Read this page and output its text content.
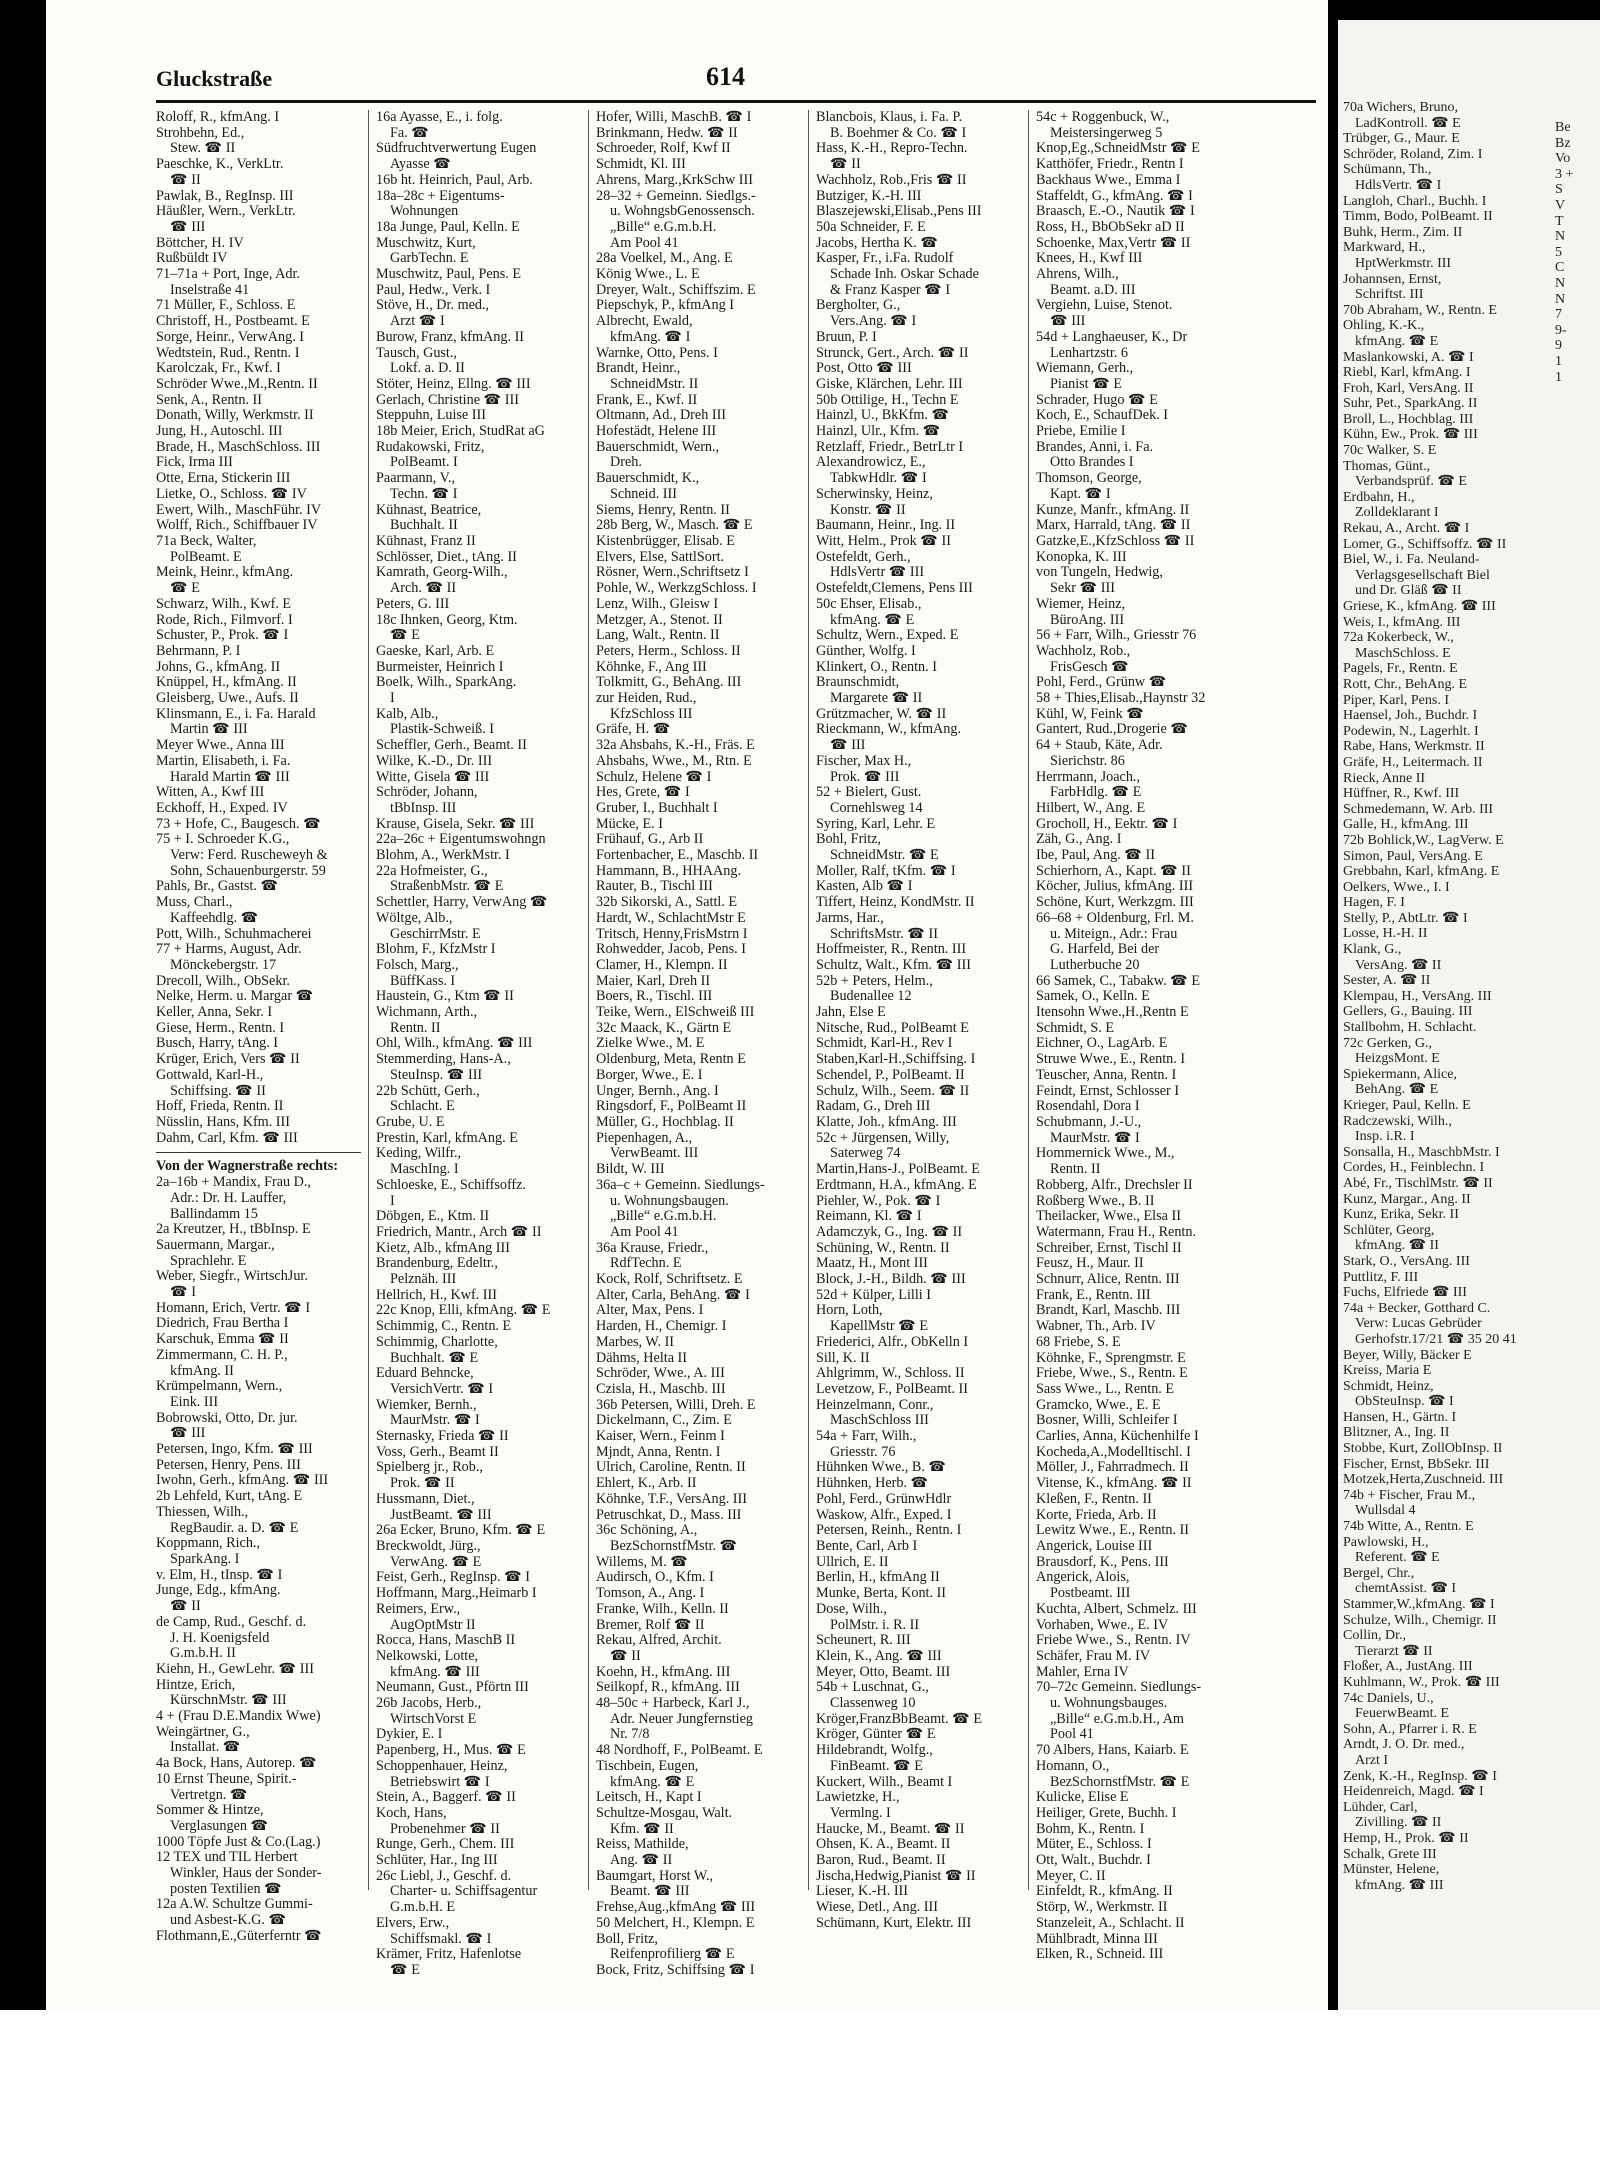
Gluckstraße	614
Roloff, R., kfmAng. I
Strohbehn, Ed.,
Stew. ☎ II
Paeschke, K., VerkLtr.
☎ II
Pawlak, B., RegInsp. III
Häußler, Wern., VerkLtr.
☎ III
Böttcher, H. IV
Rußbüldt IV
71–71a + Port, Inge, Adr.
Inselstraße 41
71 Müller, F., Schloss. E
Christoff, H., Postbeamt. E
Sorge, Heinr., VerwAng. I
Wedtstein, Rud., Rentn. I
Karolczak, Fr., Kwf. I
Schröder Wwe.,M.,Rentn. II
Senk, A., Rentn. II
Donath, Willy, Werkmstr. II
Jung, H., Autoschl. III
Brade, H., MaschSchloss. III
Fick, Irma III
Otte, Erna, Stickerin III
Lietke, O., Schloss. ☎ IV
Ewert, Wilh., MaschFühr. IV
Wolff, Rich., Schiffbauer IV
71a Beck, Walter,
PolBeamt. E
Meink, Heinr., kfmAng.
☎ E
Schwarz, Wilh., Kwf. E
Rode, Rich., Filmvorf. I
Schuster, P., Prok. ☎ I
Behrmann, P. I
Johns, G., kfmAng. II
Knüppel, H., kfmAng. II
Gleisberg, Uwe., Aufs. II
Klinsmann, E., i. Fa. Harald
Martin ☎ III
Meyer Wwe., Anna III
Martin, Elisabeth, i. Fa.
Harald Martin ☎ III
Witten, A., Kwf III
Eckhoff, H., Exped. IV
73 + Hofe, C., Baugesch. ☎
75 + I. Schroeder K.G.,
Verw: Ferd. Ruscheweyh &
Sohn, Schauenburgerstr. 59
Pahls, Br., Gastst. ☎
Muss, Charl.,
Kaffeehdlg. ☎
Pott, Wilh., Schuhmacherei
77 + Harms, August, Adr.
Mönckebergstr. 17
Drecoll, Wilh., ObSekr.
Nelke, Herm. u. Margar ☎
Keller, Anna, Sekr. I
Giese, Herm., Rentn. I
Busch, Harry, tAng. I
Krüger, Erich, Vers ☎ II
Gottwald, Karl-H.,
Schiffsing. ☎ II
Hoff, Frieda, Rentn. II
Nüsslin, Hans, Kfm. III
Dahm, Carl, Kfm. ☎ III
Von der Wagnerstraße rechts:
2a–16b + Mandix, Frau D.,
Adr.: Dr. H. Lauffer,
Ballindamm 15
2a Kreutzer, H., tBbInsp. E
Sauermann, Margar.,
Sprachlehr. E
Weber, Siegfr., WirtschJur.
☎ I
Homann, Erich, Vertr. ☎ I
Diedrich, Frau Bertha I
Karschuk, Emma ☎ II
Zimmermann, C. H. P.,
kfmAng. II
Krümpelmann, Wern.,
Eink. III
Bobrowski, Otto, Dr. jur.
☎ III
Petersen, Ingo, Kfm. ☎ III
Petersen, Henry, Pens. III
Iwohn, Gerh., kfmAng. ☎ III
2b Lehfeld, Kurt, tAng. E
Thiessen, Wilh.,
RegBaudir. a. D. ☎ E
Koppmann, Rich.,
SparkAng. I
v. Elm, H., tInsp. ☎ I
Junge, Edg., kfmAng.
☎ II
de Camp, Rud., Geschf. d.
J. H. Koenigsfeld
G.m.b.H. II
Kiehn, H., GewLehr. ☎ III
Hintze, Erich,
KürschnMstr. ☎ III
4 + (Frau D.E.Mandix Wwe)
Weingärtner, G.,
Installat. ☎
4a Bock, Hans, Autorep. ☎
10 Ernst Theune, Spirit.-
Vertretgn. ☎
Sommer & Hintze,
Verglasungen ☎
1000 Töpfe Just & Co.(Lag.)
12 TEX und TIL Herbert
Winkler, Haus der Sonder-
posten Textilien ☎
12a A.W. Schultze Gummi-
und Asbest-K.G. ☎
Flothmann,E.,Güterferntr ☎
16a Ayasse, E., i. folg.
Fa. ☎
Südfruchtverwertung Eugen
Ayasse ☎
16b ht. Heinrich, Paul, Arb.
18a–28c + Eigentums-
Wohnungen
18a Junge, Paul, Kelln. E
Muschwitz, Kurt,
GarbTechn. E
Muschwitz, Paul, Pens. E
Paul, Hedw., Verk. I
Stöve, H., Dr. med.,
Arzt ☎ I
Burow, Franz, kfmAng. II
Tausch, Gust.,
Lokf. a. D. II
Stöter, Heinz, Ellng. ☎ III
Gerlach, Christine ☎ III
Steppuhn, Luise III
18b Meier, Erich, StudRat aG
Rudakowski, Fritz,
PolBeamt. I
Paarmann, V.,
Techn. ☎ I
Kühnast, Beatrice,
Buchhalt. II
Kühnast, Franz II
Schlösser, Diet., tAng. II
Kamrath, Georg-Wilh.,
Arch. ☎ II
Peters, G. III
18c Ihnken, Georg, Ktm.
☎ E
Gaeske, Karl, Arb. E
Burmeister, Heinrich I
Boelk, Wilh., SparkAng.
I
Kalb, Alb.,
Plastik-Schweiß. I
Scheffler, Gerh., Beamt. II
Wilke, K.-D., Dr. III
Witte, Gisela ☎ III
Schröder, Johann,
tBbInsp. III
Krause, Gisela, Sekr. ☎ III
22a–26c + Eigentumswohngn
Blohm, A., WerkMstr. I
22a Hofmeister, G.,
StraßenbMstr. ☎ E
Schettler, Harry, VerwAng ☎
Wöltge, Alb.,
GeschirrMstr. E
Blohm, F., KfzMstr I
Folsch, Marg.,
BüffKass. I
Haustein, G., Ktm ☎ II
Wichmann, Arth.,
Rentn. II
Ohl, Wilh., kfmAng. ☎ III
Stemmerding, Hans-A.,
SteuInsp. ☎ III
22b Schütt, Gerh.,
Schlacht. E
Grube, U. E
Prestin, Karl, kfmAng. E
Keding, Wilfr.,
MaschIng. I
Schloeske, E., Schiffsoffz.
I
Döbgen, E., Ktm. II
Friedrich, Mantr., Arch ☎ II
Kietz, Alb., kfmAng III
Brandenburg, Edeltr.,
Pelznäh. III
Hellrich, H., Kwf. III
22c Knop, Elli, kfmAng. ☎ E
Schimmig, C., Rentn. E
Schimmig, Charlotte,
Buchhalt. ☎ E
Eduard Behncke,
VersichVertr. ☎ I
Wiemker, Bernh.,
MaurMstr. ☎ I
Sternasky, Frieda ☎ II
Voss, Gerh., Beamt II
Spielberg jr., Rob.,
Prok. ☎ II
Hussmann, Diet.,
JustBeamt. ☎ III
26a Ecker, Bruno, Kfm. ☎ E
Breckwoldt, Jürg.,
VerwAng. ☎ E
Feist, Gerh., RegInsp. ☎ I
Hoffmann, Marg.,Heimarb I
Reimers, Erw.,
AugOptMstr II
Rocca, Hans, MaschB II
Nelkowski, Lotte,
kfmAng. ☎ III
Neumann, Gust., Pförtn III
26b Jacobs, Herb.,
WirtschVorst E
Dykier, E. I
Papenberg, H., Mus. ☎ E
Schoppenhauer, Heinz,
Betriebswirt ☎ I
Stein, A., Baggerf. ☎ II
Koch, Hans,
Probenehmer ☎ II
Runge, Gerh., Chem. III
Schlüter, Har., Ing III
26c Liebl, J., Geschf. d.
Charter- u. Schiffsagentur
G.m.b.H. E
Elvers, Erw.,
Schiffsmakl. ☎ I
Krämer, Fritz, Hafenlotse
☎ E
Hofer, Willi, MaschB. ☎ I
Brinkmann, Hedw. ☎ II
Schroeder, Rolf, Kwf II
Schmidt, Kl. III
Ahrens, Marg.,KrkSchw III
28–32 + Gemeinn. Siedlgs.-
u. WohngsbGenossensch.
„Bille“ e.G.m.b.H.
Am Pool 41
28a Voelkel, M., Ang. E
König Wwe., L. E
Dreyer, Walt., Schiffszim. E
Piepschyk, P., kfmAng I
Albrecht, Ewald,
kfmAng. ☎ I
Warnke, Otto, Pens. I
Brandt, Heinr.,
SchneidMstr. II
Frank, E., Kwf. II
Oltmann, Ad., Dreh III
Hofestädt, Helene III
Bauerschmidt, Wern.,
Dreh.
Bauerschmidt, K.,
Schneid. III
Siems, Henry, Rentn. II
28b Berg, W., Masch. ☎ E
Kistenbrügger, Elisab. E
Elvers, Else, SattlSort.
Rösner, Wern.,Schriftsetz I
Pohle, W., WerkzgSchloss. I
Lenz, Wilh., Gleisw I
Metzger, A., Stenot. II
Lang, Walt., Rentn. II
Peters, Herm., Schloss. II
Köhnke, F., Ang III
Tolkmitt, G., BehAng. III
zur Heiden, Rud.,
KfzSchloss III
Gräfe, H. ☎
32a Ahsbahs, K.-H., Fräs. E
Ahsbahs, Wwe., M., Rtn. E
Schulz, Helene ☎ I
Hes, Grete, ☎ I
Gruber, I., Buchhalt I
Mücke, E. I
Frühauf, G., Arb II
Fortenbacher, E., Maschb. II
Hammann, B., HHAAng.
Rauter, B., Tischl III
32b Sikorski, A., Sattl. E
Hardt, W., SchlachtMstr E
Tritsch, Henny,FrisMstrn I
Rohwedder, Jacob, Pens. I
Clamer, H., Klempn. II
Maier, Karl, Dreh II
Boers, R., Tischl. III
Teike, Wern., ElSchweiß III
32c Maack, K., Gärtn E
Zielke Wwe., M. E
Oldenburg, Meta, Rentn E
Borger, Wwe., E. I
Unger, Bernh., Ang. I
Ringsdorf, F., PolBeamt II
Müller, G., Hochblag. II
Piepenhagen, A.,
VerwBeamt. III
Bildt, W. III
36a–c + Gemeinn. Siedlungs-
u. Wohnungsbaugen.
„Bille“ e.G.m.b.H.
Am Pool 41
36a Krause, Friedr.,
RdfTechn. E
Kock, Rolf, Schriftsetz. E
Alter, Carla, BehAng. ☎ I
Alter, Max, Pens. I
Harden, H., Chemigr. I
Marbes, W. II
Dähms, Helta II
Schröder, Wwe., A. III
Czisla, H., Maschb. III
36b Petersen, Willi, Dreh. E
Dickelmann, C., Zim. E
Kaiser, Wern., Feinm I
Mjndt, Anna, Rentn. I
Ulrich, Caroline, Rentn. II
Ehlert, K., Arb. II
Köhnke, T.F., VersAng. III
Petruschkat, D., Mass. III
36c Schöning, A.,
BezSchornstfMstr. ☎
Willems, M. ☎
Audirsch, O., Kfm. I
Tomson, A., Ang. I
Franke, Wilh., Kelln. II
Bremer, Rolf ☎ II
Rekau, Alfred, Archit.
☎ II
Koehn, H., kfmAng. III
Seilkopf, R., kfmAng. III
48–50c + Harbeck, Karl J.,
Adr. Neuer Jungfernstieg
Nr. 7/8
48 Nordhoff, F., PolBeamt. E
Tischbein, Eugen,
kfmAng. ☎ E
Leitsch, H., Kapt I
Schultze-Mosgau, Walt.
Kfm. ☎ II
Reiss, Mathilde,
Ang. ☎ II
Baumgart, Horst W.,
Beamt. ☎ III
Frehse,Aug.,kfmAng ☎ III
50 Melchert, H., Klempn. E
Boll, Fritz,
Reifenprofilierg ☎ E
Bock, Fritz, Schiffsing ☎ I
Blancbois, Klaus, i. Fa. P.
B. Boehmer & Co. ☎ I
Hass, K.-H., Repro-Techn.
☎ II
Wachholz, Rob.,Fris ☎ II
Butziger, K.-H. III
Blaszejewski,Elisab.,Pens III
50a Schneider, F. E
Jacobs, Hertha K. ☎
Kasper, Fr., i.Fa. Rudolf
Schade Inh. Oskar Schade
& Franz Kasper ☎ I
Bergholter, G.,
Vers.Ang. ☎ I
Bruun, P. I
Strunck, Gert., Arch. ☎ II
Post, Otto ☎ III
Giske, Klärchen, Lehr. III
50b Ottilige, H., Techn E
Hainzl, U., BkKfm. ☎
Hainzl, Ulr., Kfm. ☎
Retzlaff, Friedr., BetrLtr I
Alexandrowicz, E.,
TabkwHdlr. ☎ I
Scherwinsky, Heinz,
Konstr. ☎ II
Baumann, Heinr., Ing. II
Witt, Helm., Prok ☎ II
Ostefeldt, Gerh.,
HdlsVertr ☎ III
Ostefeldt,Clemens, Pens III
50c Ehser, Elisab.,
kfmAng. ☎ E
Schultz, Wern., Exped. E
Günther, Wolfg. I
Klinkert, O., Rentn. I
Braunschmidt,
Margarete ☎ II
Grützmacher, W. ☎ II
Rieckmann, W., kfmAng.
☎ III
Fischer, Max H.,
Prok. ☎ III
52 + Bielert, Gust.
Cornehlsweg 14
Syring, Karl, Lehr. E
Bohl, Fritz,
SchneidMstr. ☎ E
Moller, Ralf, tKfm. ☎ I
Kasten, Alb ☎ I
Tiffert, Heinz, KondMstr. II
Jarms, Har.,
SchriftsMstr. ☎ II
Hoffmeister, R., Rentn. III
Schultz, Walt., Kfm. ☎ III
52b + Peters, Helm.,
Budenallee 12
Jahn, Else E
Nitsche, Rud., PolBeamt E
Schmidt, Karl-H., Rev I
Staben,Karl-H.,Schiffsing. I
Schendel, P., PolBeamt. II
Schulz, Wilh., Seem. ☎ II
Radam, G., Dreh III
Klatte, Joh., kfmAng. III
52c + Jürgensen, Willy,
Saterweg 74
Martin,Hans-J., PolBeamt. E
Erdtmann, H.A., kfmAng. E
Piehler, W., Pok. ☎ I
Reimann, Kl. ☎ I
Adamczyk, G., Ing. ☎ II
Schüning, W., Rentn. II
Maatz, H., Mont III
Block, J.-H., Bildh. ☎ III
52d + Külper, Lilli I
Horn, Loth,
KapellMstr ☎ E
Friederici, Alfr., ObKelln I
Sill, K. II
Ahlgrimm, W., Schloss. II
Levetzow, F., PolBeamt. II
Heinzelmann, Conr.,
MaschSchloss III
54a + Farr, Wilh.,
Griesstr. 76
Hühnken Wwe., B. ☎
Hühnken, Herb. ☎
Pohl, Ferd., GrünwHdlr
Waskow, Alfr., Exped. I
Petersen, Reinh., Rentn. I
Bente, Carl, Arb I
Ullrich, E. II
Berlin, H., kfmAng II
Munke, Berta, Kont. II
Dose, Wilh.,
PolMstr. i. R. II
Scheunert, R. III
Klein, K., Ang. ☎ III
Meyer, Otto, Beamt. III
54b + Luschnat, G.,
Classenweg 10
Kröger,FranzBbBeamt. ☎ E
Kröger, Günter ☎ E
Hildebrandt, Wolfg.,
FinBeamt. ☎ E
Kuckert, Wilh., Beamt I
Lawietzke, H.,
Vermlng. I
Haucke, M., Beamt. ☎ II
Ohsen, K. A., Beamt. II
Baron, Rud., Beamt. II
Jischa,Hedwig,Pianist ☎ II
Lieser, K.-H. III
Wiese, Detl., Ang. III
Schümann, Kurt, Elektr. III
54c + Roggenbuck, W.,
Meistersingerweg 5
Knop,Eg.,SchneidMstr ☎ E
Katthöfer, Friedr., Rentn I
Backhaus Wwe., Emma I
Staffeldt, G., kfmAng. ☎ I
Braasch, E.-O., Nautik ☎ I
Ross, H., BbObSekr aD II
Schoenke, Max,Vertr ☎ II
Knees, H., Kwf III
Ahrens, Wilh.,
Beamt. a.D. III
Vergiehn, Luise, Stenot.
☎ III
54d + Langhaeuser, K., Dr
Lenhartzstr. 6
Wiemann, Gerh.,
Pianist ☎ E
Schrader, Hugo ☎ E
Koch, E., SchaufDek. I
Priebe, Emilie I
Brandes, Anni, i. Fa.
Otto Brandes I
Thomson, George,
Kapt. ☎ I
Kunze, Manfr., kfmAng. II
Marx, Harrald, tAng. ☎ II
Gatzke,E.,KfzSchloss ☎ II
Konopka, K. III
von Tungeln, Hedwig,
Sekr ☎ III
Wiemer, Heinz,
BüroAng. III
56 + Farr, Wilh., Griesstr 76
Wachholz, Rob.,
FrisGesch ☎
Pohl, Ferd., Grünw ☎
58 + Thies,Elisab.,Haynstr 32
Kühl, W, Feink ☎
Gantert, Rud.,Drogerie ☎
64 + Staub, Käte, Adr.
Sierichstr. 86
Herrmann, Joach.,
FarbHdlg. ☎ E
Hilbert, W., Ang. E
Grocholl, H., Eektr. ☎ I
Zäh, G., Ang. I
Ibe, Paul, Ang. ☎ II
Schierhorn, A., Kapt. ☎ II
Köcher, Julius, kfmAng. III
Schöne, Kurt, Werkzgm. III
66–68 + Oldenburg, Frl. M.
u. Miteign., Adr.: Frau
G. Harfeld, Bei der
Lutherbuche 20
66 Samek, C., Tabakw. ☎ E
Samek, O., Kelln. E
Itensohn Wwe.,H.,Rentn E
Schmidt, S. E
Eichner, O., LagArb. E
Struwe Wwe., E., Rentn. I
Teuscher, Anna, Rentn. I
Feindt, Ernst, Schlosser I
Rosendahl, Dora I
Schubmann, J.-U.,
MaurMstr. ☎ I
Hommernick Wwe., M.,
Rentn. II
Robberg, Alfr., Drechsler II
Roßberg Wwe., B. II
Theilacker, Wwe., Elsa II
Watermann, Frau H., Rentn.
Schreiber, Ernst, Tischl II
Feusz, H., Maur. II
Schnurr, Alice, Rentn. III
Frank, E., Rentn. III
Brandt, Karl, Maschb. III
Wabner, Th., Arb. IV
68 Friebe, S. E
Köhnke, F., Sprengmstr. E
Friebe, Wwe., S., Rentn. E
Sass Wwe., L., Rentn. E
Gramcko, Wwe., E. E
Bosner, Willi, Schleifer I
Carlies, Anna, Küchenhilfe I
Kocheda,A.,Modelltischl. I
Möller, J., Fahrradmech. II
Vitense, K., kfmAng. ☎ II
Kleßen, F., Rentn. II
Korte, Frieda, Arb. II
Lewitz Wwe., E., Rentn. II
Angerick, Louise III
Brausdorf, K., Pens. III
Angerick, Alois,
Postbeamt. III
Kuchta, Albert, Schmelz. III
Vorhaben, Wwe., E. IV
Friebe Wwe., S., Rentn. IV
Schäfer, Frau M. IV
Mahler, Erna IV
70–72c Gemeinn. Siedlungs-
u. Wohnungsbauges.
„Bille“ e.G.m.b.H., Am
Pool 41
70 Albers, Hans, Kaiarb. E
Homann, O.,
BezSchornstfMstr. ☎ E
Kulicke, Elise E
Heiliger, Grete, Buchh. I
Bohm, K., Rentn. I
Müter, E., Schloss. I
Ott, Walt., Buchdr. I
Meyer, C. II
Einfeldt, R., kfmAng. II
Störp, W., Werkmstr. II
Stanzeleit, A., Schlacht. II
Mühlbradt, Minna III
Elken, R., Schneid. III
70a Wichers, Bruno,
LadKontroll. ☎ E
Trübger, G., Maur. E
Schröder, Roland, Zim. I
Schümann, Th.,
HdlsVertr. ☎ I
Langloh, Charl., Buchh. I
Timm, Bodo, PolBeamt. II
Buhk, Herm., Zim. II
Markward, H.,
HptWerkmstr. III
Johannsen, Ernst,
Schriftst. III
70b Abraham, W., Rentn. E
Ohling, K.-K.,
kfmAng. ☎ E
Maslankowski, A. ☎ I
Riebl, Karl, kfmAng. I
Froh, Karl, VersAng. II
Suhr, Pet., SparkAng. II
Broll, L., Hochblag. III
Kühn, Ew., Prok. ☎ III
70c Walker, S. E
Thomas, Günt.,
Verbandsprüf. ☎ E
Erdbahn, H.,
Zolldeklarant I
Rekau, A., Archt. ☎ I
Lomer, G., Schiffsoffz. ☎ II
Biel, W., i. Fa. Neuland-
Verlagsgesellschaft Biel
und Dr. Gläß ☎ II
Griese, K., kfmAng. ☎ III
Weis, I., kfmAng. III
72a Kokerbeck, W.,
MaschSchloss. E
Pagels, Fr., Rentn. E
Rott, Chr., BehAng. E
Piper, Karl, Pens. I
Haensel, Joh., Buchdr. I
Podewin, N., Lagerhlt. I
Rabe, Hans, Werkmstr. II
Gräfe, H., Leitermach. II
Rieck, Anne II
Hüffner, R., Kwf. III
Schmedemann, W. Arb. III
Galle, H., kfmAng. III
72b Bohlick,W., LagVerw. E
Simon, Paul, VersAng. E
Grebbahn, Karl, kfmAng. E
Oelkers, Wwe., I. I
Hagen, F. I
Stelly, P., AbtLtr. ☎ I
Losse, H.-H. II
Klank, G.,
VersAng. ☎ II
Sester, A. ☎ II
Klempau, H., VersAng. III
Gellers, G., Bauing. III
Stallbohm, H. Schlacht.
72c Gerken, G.,
HeizgsMont. E
Spiekermann, Alice,
BehAng. ☎ E
Krieger, Paul, Kelln. E
Radczewski, Wilh.,
Insp. i.R. I
Sonsalla, H., MaschbMstr. I
Cordes, H., Feinblechn. I
Abé, Fr., TischlMstr. ☎ II
Kunz, Margar., Ang. II
Kunz, Erika, Sekr. II
Schlüter, Georg,
kfmAng. ☎ II
Stark, O., VersAng. III
Puttlitz, F. III
Fuchs, Elfriede ☎ III
74a + Becker, Gotthard C.
Verw: Lucas Gebrüder
Gerhofstr.17/21 ☎ 35 20 41
Beyer, Willy, Bäcker E
Kreiss, Maria E
Schmidt, Heinz,
ObSteuInsp. ☎ I
Hansen, H., Gärtn. I
Blitzner, A., Ing. II
Stobbe, Kurt, ZollObInsp. II
Fischer, Ernst, BbSekr. III
Motzek,Herta,Zuschneid. III
74b + Fischer, Frau M.,
Wullsdal 4
74b Witte, A., Rentn. E
Pawlowski, H.,
Referent. ☎ E
Bergel, Chr.,
chemtAssist. ☎ I
Stammer,W.,kfmAng. ☎ I
Schulze, Wilh., Chemigr. II
Collin, Dr.,
Tierarzt ☎ II
Floßer, A., JustAng. III
Kuhlmann, W., Prok. ☎ III
74c Daniels, U.,
FeuerwBeamt. E
Sohn, A., Pfarrer i. R. E
Arndt, J. O. Dr. med.,
Arzt I
Zenk, K.-H., RegInsp. ☎ I
Heidenreich, Magd. ☎ I
Lühder, Carl,
Zivilling. ☎ II
Hemp, H., Prok. ☎ II
Schalk, Grete III
Münster, Helene,
kfmAng. ☎ III
Be
Bz
Vo
3 +
S
V
T
N
5
C
N
N
7
9-
9
1
1
